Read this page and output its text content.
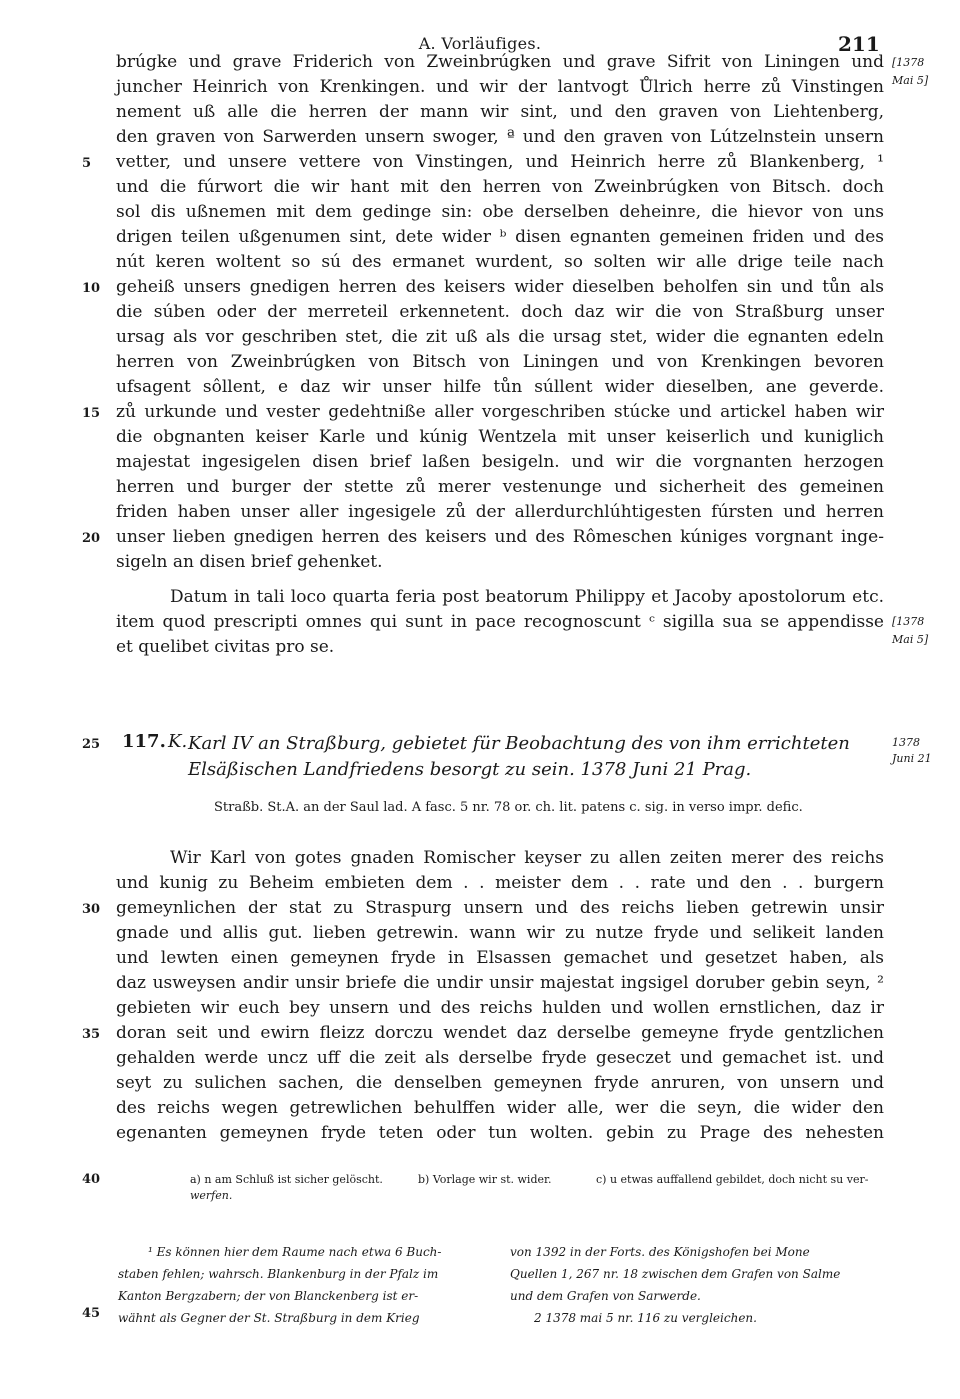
A. Vorläufiges.	211
brúgke und grave Friderich von Zweinbrúgken und grave Sifrit von Liningen und
juncher Heinrich von Krenkingen. und wir der lantvogt Ůlrich herre zů Vinstingen
nement uß alle die herren der mann wir sint, und den graven von Liehtenberg,
den graven von Sarwerden unsern swoger, ª und den graven von Lútzelnstein unsern
vetter, und unsere vettere von Vinstingen, und Heinrich herre zů Blankenberg, ¹
und die fúrwort die wir hant mit den herren von Zweinbrúgken von Bitsch. doch
sol dis ußnemen mit dem gedinge sin: obe derselben deheinre, die hievor von uns
drigen teilen ußgenumen sint, dete wider ᵇ disen egnanten gemeinen friden und des
nút keren woltent so sú des ermanet wurdent, so solten wir alle drige teile nach
geheiß unsers gnedigen herren des keisers wider dieselben beholfen sin und tůn als
die súben oder der merreteil erkennetent. doch daz wir die von Straßburg unser
ursag als vor geschriben stet, die zit uß als die ursag stet, wider die egnanten edeln
herren von Zweinbrúgken von Bitsch von Liningen und von Krenkingen bevoren
ufsagent sôllent, e daz wir unser hilfe tůn súllent wider dieselben, ane geverde.
zů urkunde und vester gedehtniße aller vorgeschriben stúcke und artickel haben wir
die obgnanten keiser Karle und kúnig Wentzela mit unser keiserlich und kuniglich
majestat ingesigelen disen brief laßen besigeln. und wir die vorgnanten herzogen
herren und burger der stette zů merer vestenunge und sicherheit des gemeinen
friden haben unser aller ingesigele zů der allerdurchlúhtigesten fúrsten und herren
unser lieben gnedigen herren des keisers und des Rômeschen kúniges vorgnant inge-
sigeln an disen brief gehenket.
Datum in tali loco quarta feria post beatorum Philippy et Jacoby apostolorum etc.
item quod prescripti omnes qui sunt in pace recognoscunt ᶜ sigilla sua se appendisse
et quelibet civitas pro se.
5
10
15
20
[1378
Mai 5]
[1378
Mai 5]
1378
Juni 21
25 117. K. Karl IV an Straßburg, gebietet für Beobachtung des von ihm errichteten
Elsäßischen Landfriedens besorgt zu sein. 1378 Juni 21 Prag.
Straßb. St.A. an der Saul lad. A fasc. 5 nr. 78 or. ch. lit. patens c. sig. in verso impr. defic.
Wir Karl von gotes gnaden Romischer keyser zu allen zeiten merer des reichs
und kunig zu Beheim embieten dem . . meister dem . . rate und den . . burgern
gemeynlichen der stat zu Straspurg unsern und des reichs lieben getrewin unsir
gnade und allis gut. lieben getrewin. wann wir zu nutze fryde und selikeit landen
und lewten einen gemeynen fryde in Elsassen gemachet und gesetzet haben, als
daz usweysen andir unsir briefe die undir unsir majestat ingsigel doruber gebin seyn, ²
gebieten wir euch bey unsern und des reichs hulden und wollen ernstlichen, daz ir
doran seit und ewirn fleizz dorczu wendet daz derselbe gemeyne fryde gentzlichen
gehalden werde uncz uff die zeit als derselbe fryde geseczet und gemachet ist. und
seyt zu sulichen sachen, die denselben gemeynen fryde anruren, von unsern und
des reichs wegen getrewlichen behulffen wider alle, wer die seyn, die wider den
egenanten gemeynen fryde teten oder tun wolten. gebin zu Prage des nehesten
30
35
40
45
a) n am Schluß ist sicher gelöscht.
werfen.
b) Vorlage wir st. wider.	c) u etwas auffallend gebildet, doch nicht su ver-
¹ Es können hier dem Raume nach etwa 6 Buch-
staben fehlen; wahrsch. Blankenburg in der Pfalz im
Kanton Bergzabern; der von Blanckenberg ist er-
wähnt als Gegner der St. Straßburg in dem Krieg
von 1392 in der Forts. des Königshofen bei Mone
Quellen 1, 267 nr. 18 zwischen dem Grafen von Salme
und dem Grafen von Sarwerde.
2 1378 mai 5 nr. 116 zu vergleichen.
